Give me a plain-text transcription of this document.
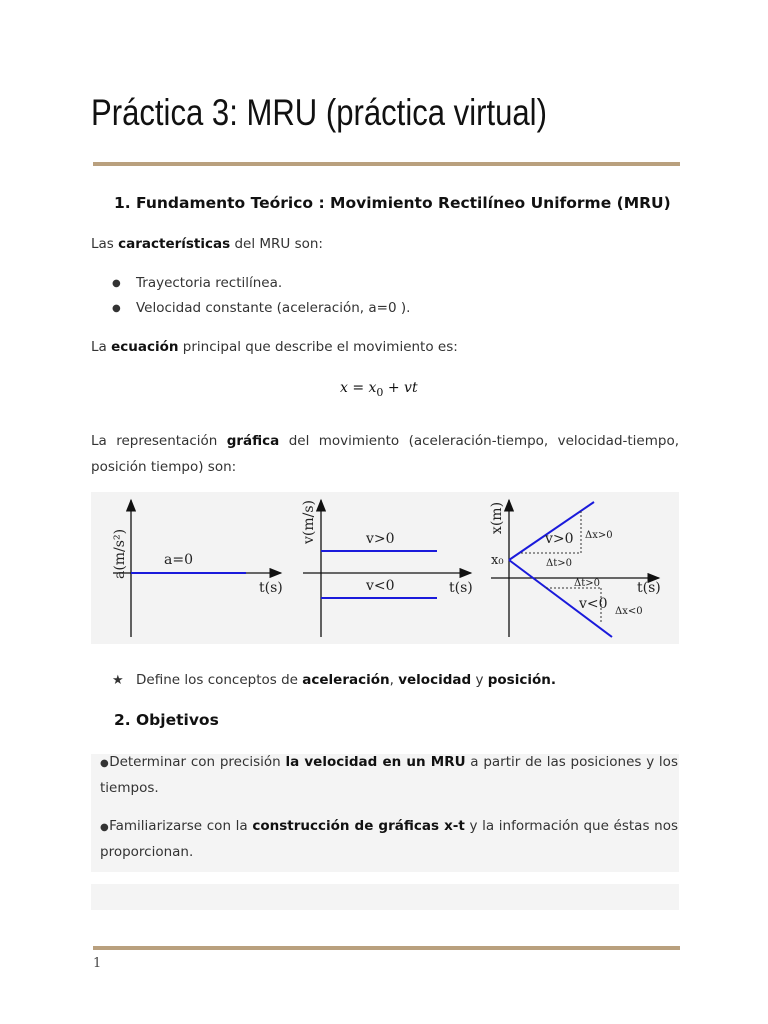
Práctica 3: MRU (práctica virtual)
1. Fundamento Teórico : Movimiento Rectilíneo Uniforme (MRU)
Las características del MRU son:
● Trayectoria rectilínea.
● Velocidad constante (aceleración, a=0 ).
La ecuación principal que describe el movimiento es:
$x = x_0$ + vt
La representación gráfica del movimiento (aceleración-tiempo, velocidad-tiempo, posición tiempo) son:
a(m/s²)	a=0
t(s)
v(m/s)	v>0
v<0	t(s)
x(m)
x₀
v>0
Δt>0
Δx>0
Δt>0
v<0 Δx<0
t(s)
★ Define los conceptos de aceleración, velocidad y posición.
2. Objetivos
●Determinar con precisión la velocidad en un MRU a partir de las posiciones y los tiempos.
●Familiarizarse con la construcción de gráficas x-t y la información que éstas nos proporcionan.
1
